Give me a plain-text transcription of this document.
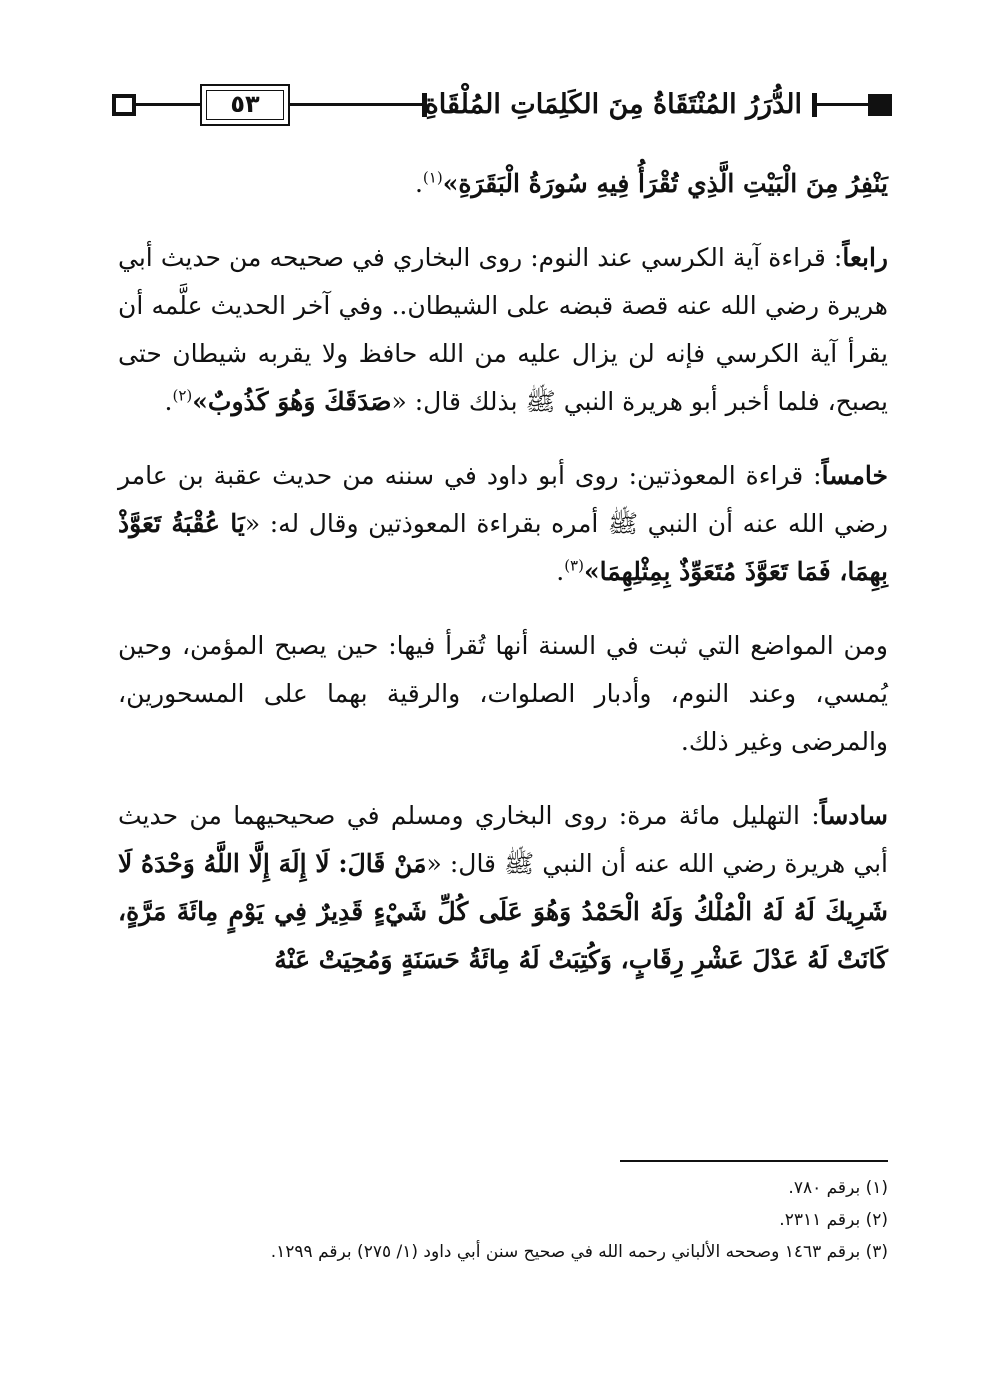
٥٣	الدُّرَرُ المُنْتَقَاةُ مِنَ الكَلِمَاتِ المُلْقَاةِ

يَنْفِرُ مِنَ الْبَيْتِ الَّذِي تُقْرَأُ فِيهِ سُورَةُ الْبَقَرَةِ»$^{(١)}$.

رابعاً: قراءة آية الكرسي عند النوم: روى البخاري في صحيحه من حديث أبي هريرة رضي الله عنه قصة قبضه على الشيطان.. وفي آخر الحديث علَّمه أن يقرأ آية الكرسي فإنه لن يزال عليه من الله حافظ ولا يقربه شيطان حتى يصبح، فلما أخبر أبو هريرة النبي ﷺ بذلك قال: «صَدَقَكَ وَهُوَ كَذُوبٌ»$^{(٢)}$.

خامساً: قراءة المعوذتين: روى أبو داود في سننه من حديث عقبة بن عامر رضي الله عنه أن النبي ﷺ أمره بقراءة المعوذتين وقال له: «يَا عُقْبَةُ تَعَوَّذْ بِهِمَا، فَمَا تَعَوَّذَ مُتَعَوِّذٌ بِمِثْلِهِمَا»$^{(٣)}$.

ومن المواضع التي ثبت في السنة أنها تُقرأ فيها: حين يصبح المؤمن، وحين يُمسي، وعند النوم، وأدبار الصلوات، والرقية بهما على المسحورين، والمرضى وغير ذلك.

سادساً: التهليل مائة مرة: روى البخاري ومسلم في صحيحيهما من حديث أبي هريرة رضي الله عنه أن النبي ﷺ قال: «مَنْ قَالَ: لَا إِلَهَ إِلَّا اللَّهُ وَحْدَهُ لَا شَرِيكَ لَهُ لَهُ الْمُلْكُ وَلَهُ الْحَمْدُ وَهُوَ عَلَى كُلِّ شَيْءٍ قَدِيرٌ فِي يَوْمٍ مِائَةَ مَرَّةٍ، كَانَتْ لَهُ عَدْلَ عَشْرِ رِقَابٍ، وَكُتِبَتْ لَهُ مِائَةُ حَسَنَةٍ وَمُحِيَتْ عَنْهُ

(١) برقم ٧٨٠.
(٢) برقم ٢٣١١.
(٣) برقم ١٤٦٣ وصححه الألباني رحمه الله في صحيح سنن أبي داود (١/ ٢٧٥) برقم ١٢٩٩.
